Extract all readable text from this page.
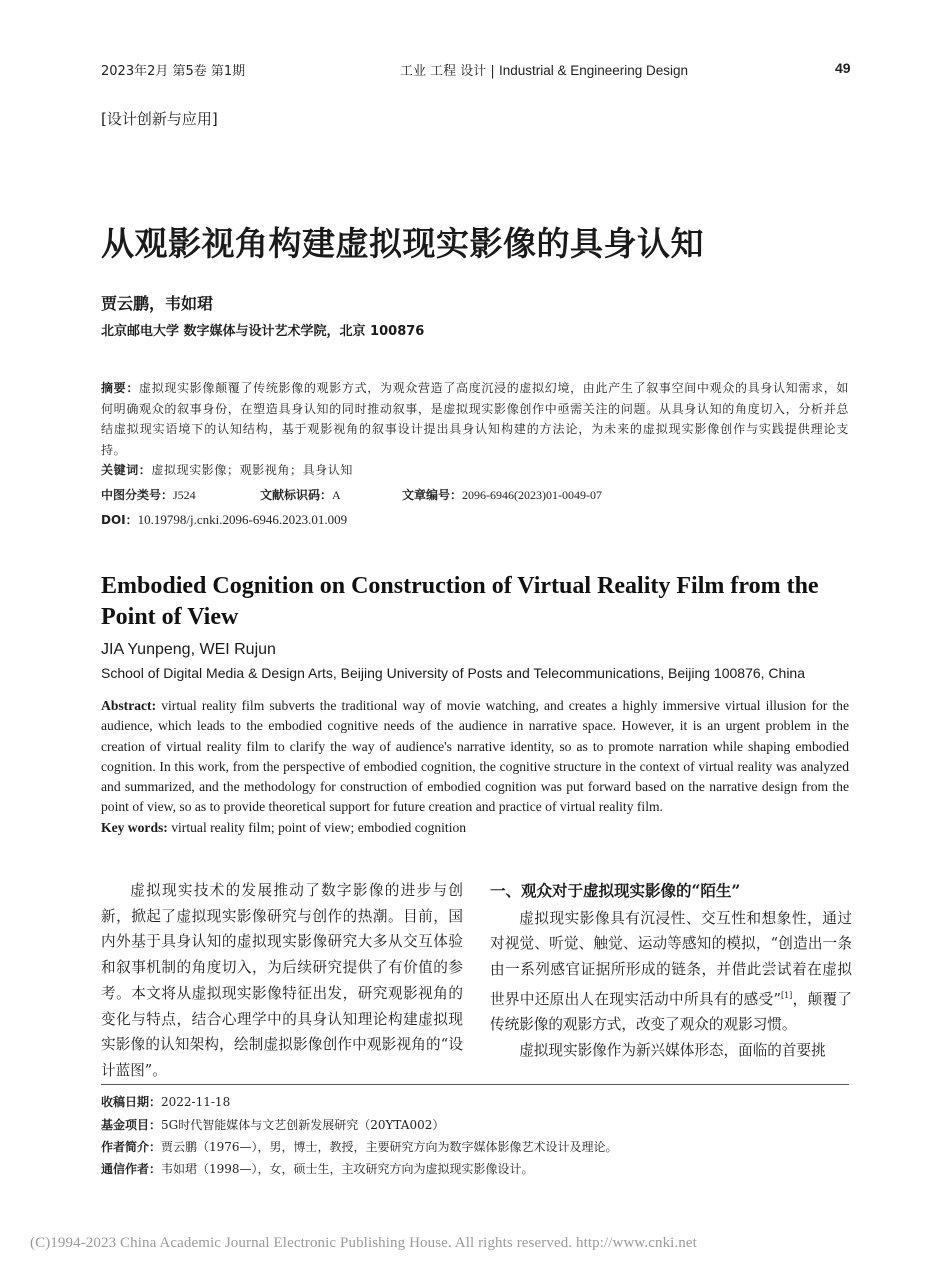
2023年2月 第5卷 第1期	工业 工程 设计 | Industrial & Engineering Design	49
[设计创新与应用]
从观影视角构建虚拟现实影像的具身认知
贾云鹏，韦如珺
北京邮电大学 数字媒体与设计艺术学院，北京 100876
摘要：虚拟现实影像颠覆了传统影像的观影方式，为观众营造了高度沉浸的虚拟幻境，由此产生了叙事空间中观众的具身认知需求，如何明确观众的叙事身份，在塑造具身认知的同时推动叙事，是虚拟现实影像创作中亟需关注的问题。从具身认知的角度切入，分析并总结虚拟现实语境下的认知结构，基于观影视角的叙事设计提出具身认知构建的方法论，为未来的虚拟现实影像创作与实践提供理论支持。
关键词：虚拟现实影像；观影视角；具身认知
中图分类号：J524	文献标识码：A	文章编号：2096-6946(2023)01-0049-07
DOI：10.19798/j.cnki.2096-6946.2023.01.009
Embodied Cognition on Construction of Virtual Reality Film from the Point of View
JIA Yunpeng, WEI Rujun
School of Digital Media & Design Arts, Beijing University of Posts and Telecommunications, Beijing 100876, China
Abstract: virtual reality film subverts the traditional way of movie watching, and creates a highly immersive virtual illusion for the audience, which leads to the embodied cognitive needs of the audience in narrative space. However, it is an urgent problem in the creation of virtual reality film to clarify the way of audience's narrative identity, so as to promote narration while shaping embodied cognition. In this work, from the perspective of embodied cognition, the cognitive structure in the context of virtual reality was analyzed and summarized, and the methodology for construction of embodied cognition was put forward based on the narrative design from the point of view, so as to provide theoretical support for future creation and practice of virtual reality film.
Key words: virtual reality film; point of view; embodied cognition

虚拟现实技术的发展推动了数字影像的进步与创新，掀起了虚拟现实影像研究与创作的热潮。目前，国内外基于具身认知的虚拟现实影像研究大多从交互体验和叙事机制的角度切入，为后续研究提供了有价值的参考。本文将从虚拟现实影像特征出发，研究观影视角的变化与特点，结合心理学中的具身认知理论构建虚拟现实影像的认知架构，绘制虚拟影像创作中观影视角的“设计蓝图”。

一、观众对于虚拟现实影像的“陌生”

虚拟现实影像具有沉浸性、交互性和想象性，通过对视觉、听觉、触觉、运动等感知的模拟，“创造出一条由一系列感官证据所形成的链条，并借此尝试着在虚拟世界中还原出人在现实活动中所具有的感受”[1]，颠覆了传统影像的观影方式，改变了观众的观影习惯。

虚拟现实影像作为新兴媒体形态，面临的首要挑

收稿日期：2022-11-18
基金项目：5G时代智能媒体与文艺创新发展研究（20YTA002）
作者简介：贾云鹏（1976—），男，博士，教授，主要研究方向为数字媒体影像艺术设计及理论。
通信作者：韦如珺（1998—），女，硕士生，主攻研究方向为虚拟现实影像设计。
(C)1994-2023 China Academic Journal Electronic Publishing House. All rights reserved. http://www.cnki.net
